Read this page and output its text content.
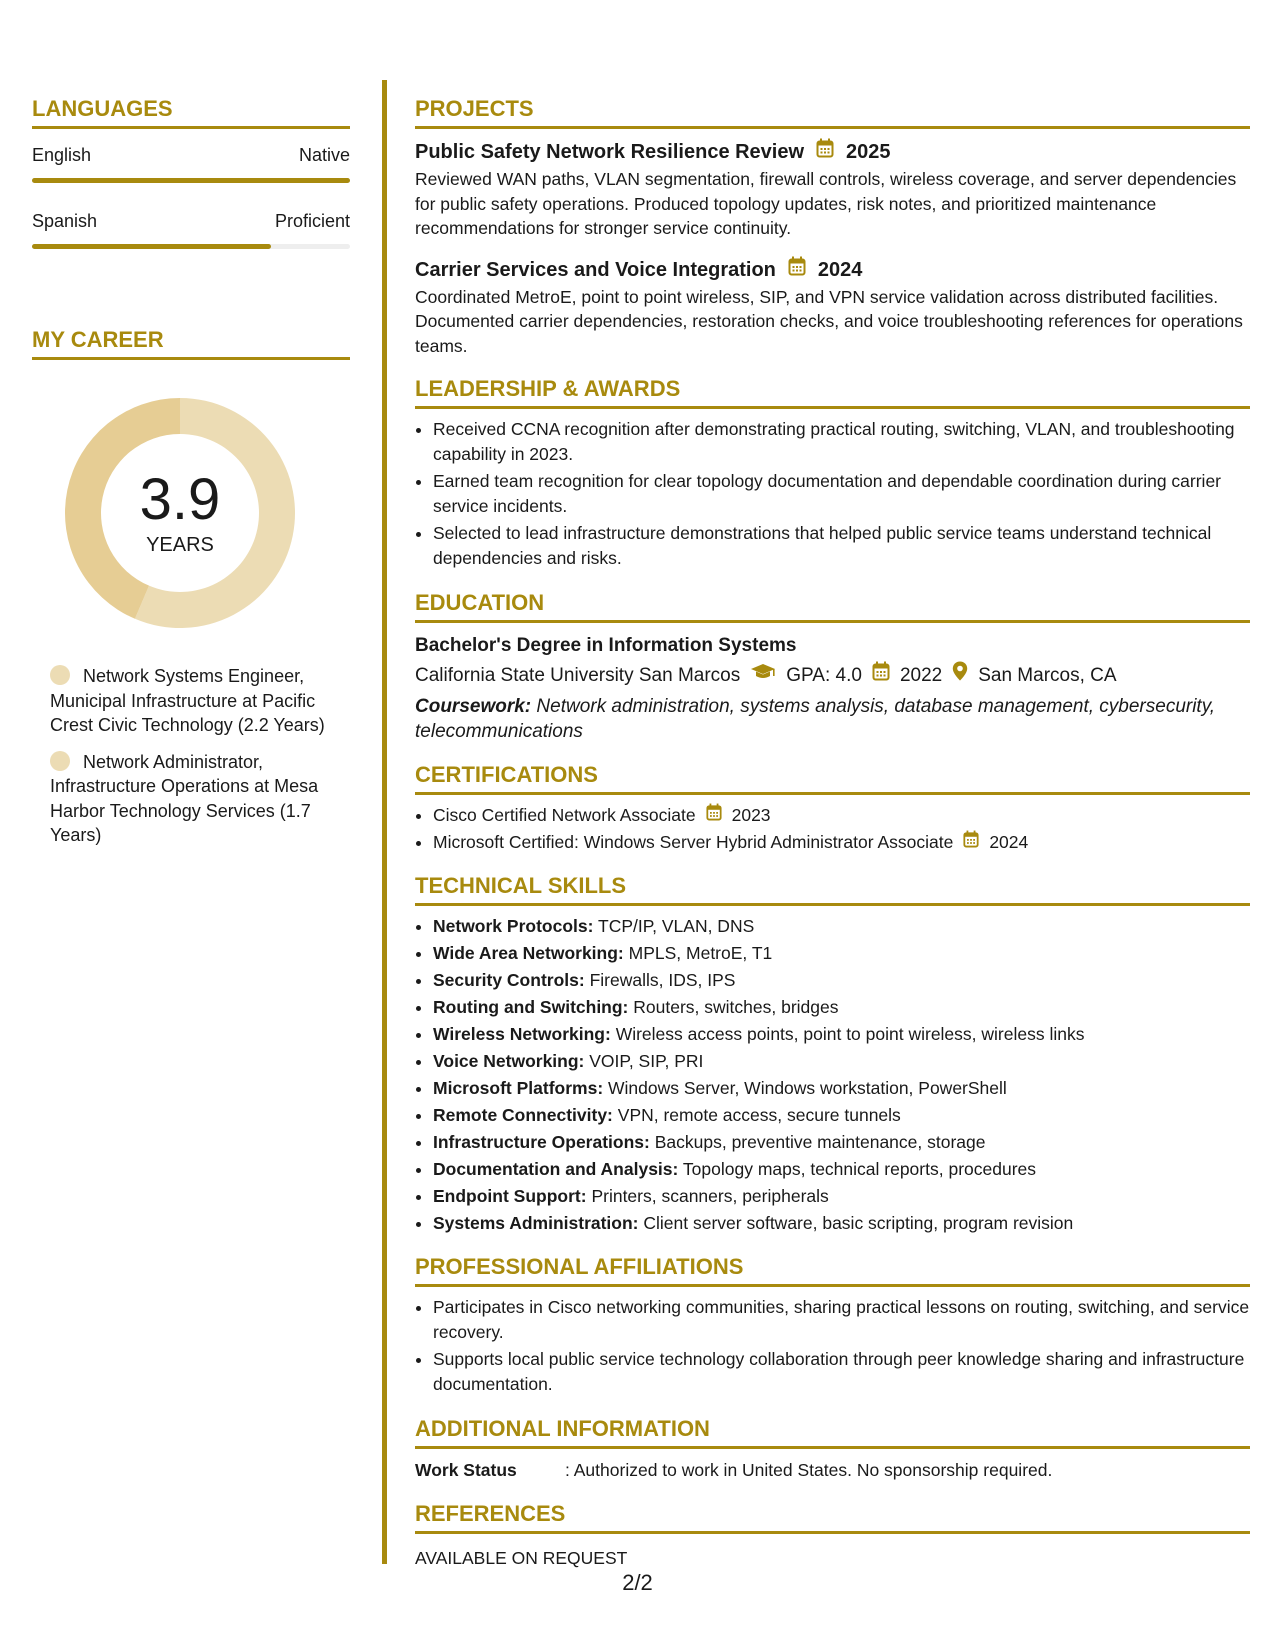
LANGUAGES
English	Native
Spanish	Proficient
MY CAREER
3.9
YEARS
Network Systems Engineer, Municipal Infrastructure at Pacific Crest Civic Technology (2.2 Years)
Network Administrator, Infrastructure Operations at Mesa Harbor Technology Services (1.7 Years)
PROJECTS
Public Safety Network Resilience Review 2025
Reviewed WAN paths, VLAN segmentation, firewall controls, wireless coverage, and server dependencies for public safety operations. Produced topology updates, risk notes, and prioritized maintenance recommendations for stronger service continuity.
Carrier Services and Voice Integration 2024
Coordinated MetroE, point to point wireless, SIP, and VPN service validation across distributed facilities. Documented carrier dependencies, restoration checks, and voice troubleshooting references for operations teams.
LEADERSHIP & AWARDS
• Received CCNA recognition after demonstrating practical routing, switching, VLAN, and troubleshooting capability in 2023.
• Earned team recognition for clear topology documentation and dependable coordination during carrier service incidents.
• Selected to lead infrastructure demonstrations that helped public service teams understand technical dependencies and risks.
EDUCATION
Bachelor's Degree in Information Systems
California State University San Marcos GPA: 4.0 2022 San Marcos, CA
Coursework: Network administration, systems analysis, database management, cybersecurity, telecommunications
CERTIFICATIONS
• Cisco Certified Network Associate 2023
• Microsoft Certified: Windows Server Hybrid Administrator Associate 2024
TECHNICAL SKILLS
• Network Protocols: TCP/IP, VLAN, DNS
• Wide Area Networking: MPLS, MetroE, T1
• Security Controls: Firewalls, IDS, IPS
• Routing and Switching: Routers, switches, bridges
• Wireless Networking: Wireless access points, point to point wireless, wireless links
• Voice Networking: VOIP, SIP, PRI
• Microsoft Platforms: Windows Server, Windows workstation, PowerShell
• Remote Connectivity: VPN, remote access, secure tunnels
• Infrastructure Operations: Backups, preventive maintenance, storage
• Documentation and Analysis: Topology maps, technical reports, procedures
• Endpoint Support: Printers, scanners, peripherals
• Systems Administration: Client server software, basic scripting, program revision
PROFESSIONAL AFFILIATIONS
• Participates in Cisco networking communities, sharing practical lessons on routing, switching, and service recovery.
• Supports local public service technology collaboration through peer knowledge sharing and infrastructure documentation.
ADDITIONAL INFORMATION
Work Status	: Authorized to work in United States. No sponsorship required.
REFERENCES
AVAILABLE ON REQUEST
2/2
